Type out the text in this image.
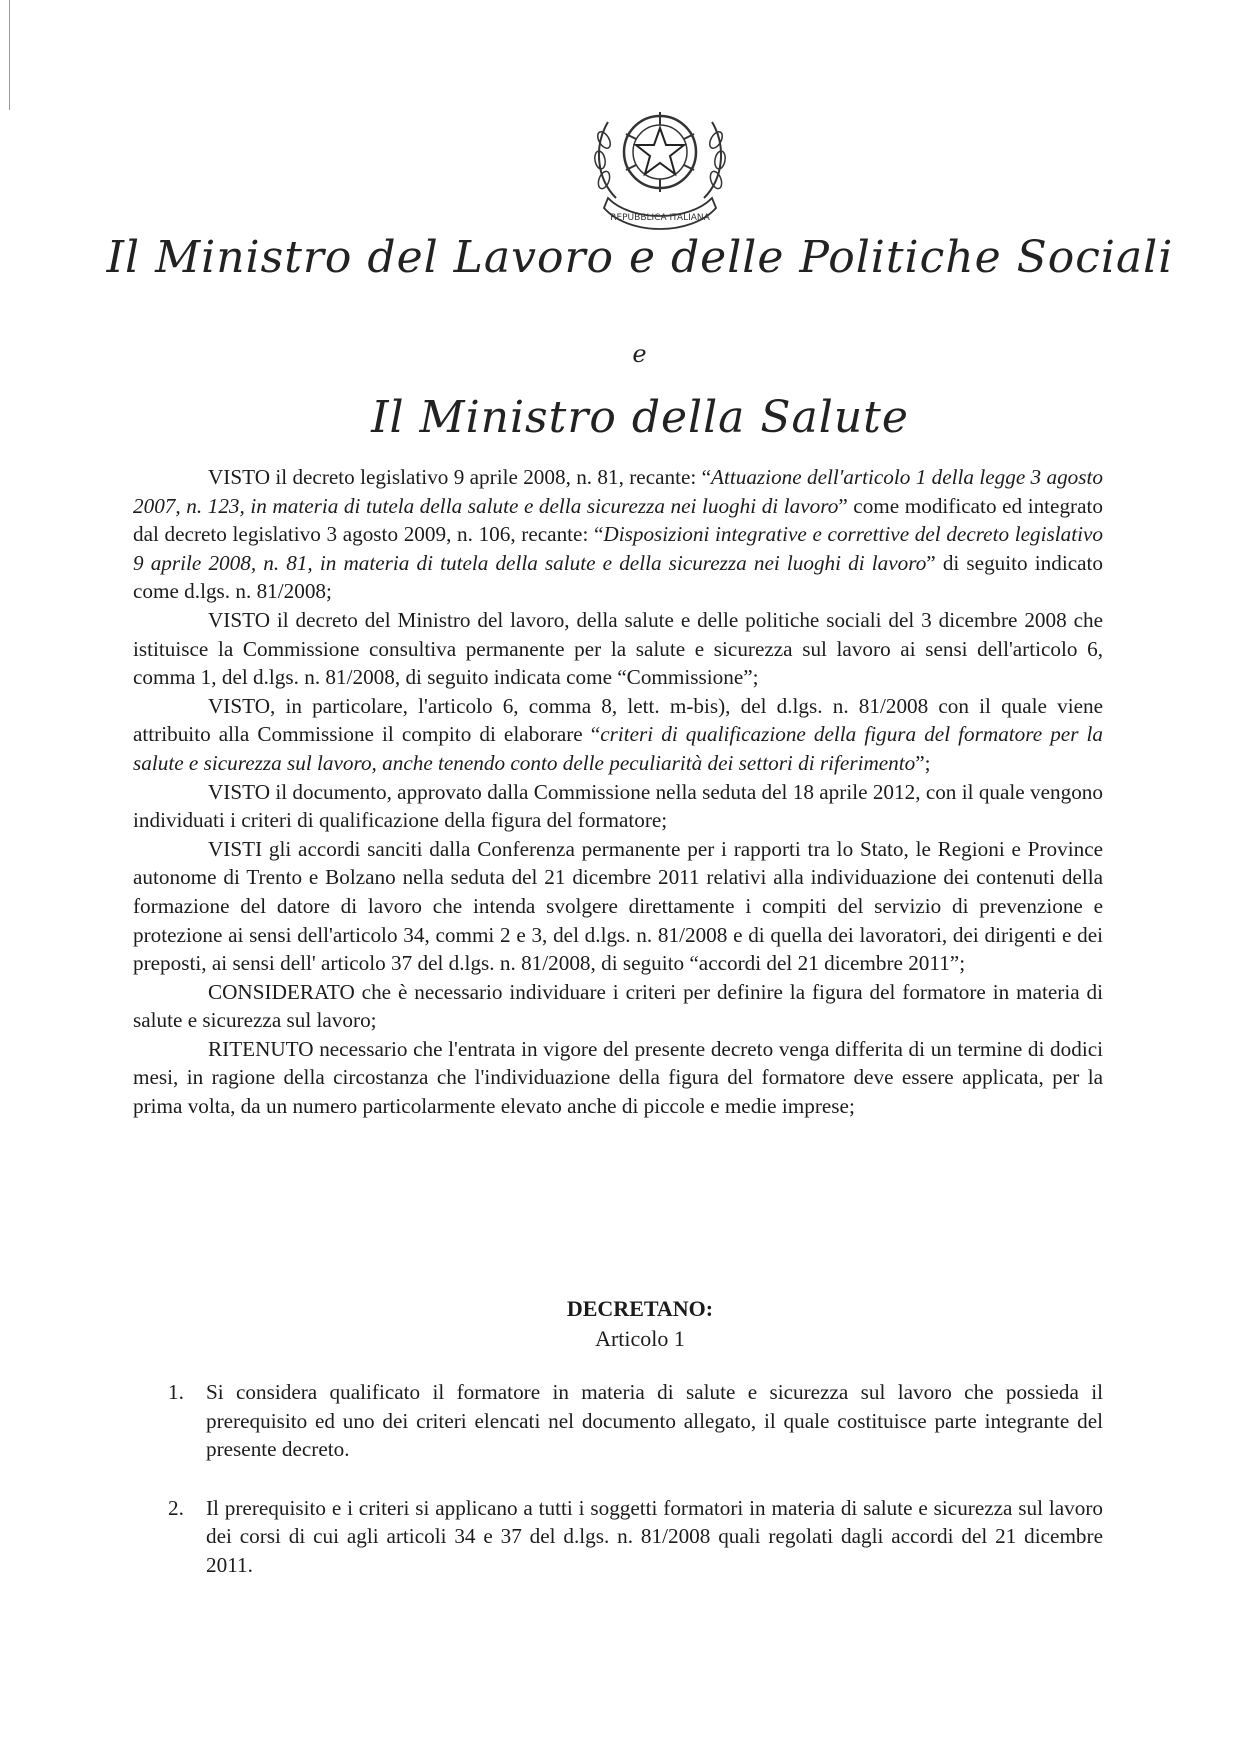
REPUBBLICA ITALIANA
Il Ministro del Lavoro e delle Politiche Sociali
e
Il Ministro della Salute

VISTO il decreto legislativo 9 aprile 2008, n. 81, recante: “Attuazione dell'articolo 1 della legge 3 agosto 2007, n. 123, in materia di tutela della salute e della sicurezza nei luoghi di lavoro” come modificato ed integrato dal decreto legislativo 3 agosto 2009, n. 106, recante: “Disposizioni integrative e correttive del decreto legislativo 9 aprile 2008, n. 81, in materia di tutela della salute e della sicurezza nei luoghi di lavoro” di seguito indicato come d.lgs. n. 81/2008;

VISTO il decreto del Ministro del lavoro, della salute e delle politiche sociali del 3 dicembre 2008 che istituisce la Commissione consultiva permanente per la salute e sicurezza sul lavoro ai sensi dell'articolo 6, comma 1, del d.lgs. n. 81/2008, di seguito indicata come “Commissione”;

VISTO, in particolare, l'articolo 6, comma 8, lett. m-bis), del d.lgs. n. 81/2008 con il quale viene attribuito alla Commissione il compito di elaborare “criteri di qualificazione della figura del formatore per la salute e sicurezza sul lavoro, anche tenendo conto delle peculiarità dei settori di riferimento”;

VISTO il documento, approvato dalla Commissione nella seduta del 18 aprile 2012, con il quale vengono individuati i criteri di qualificazione della figura del formatore;

VISTI gli accordi sanciti dalla Conferenza permanente per i rapporti tra lo Stato, le Regioni e Province autonome di Trento e Bolzano nella seduta del 21 dicembre 2011 relativi alla individuazione dei contenuti della formazione del datore di lavoro che intenda svolgere direttamente i compiti del servizio di prevenzione e protezione ai sensi dell'articolo 34, commi 2 e 3, del d.lgs. n. 81/2008 e di quella dei lavoratori, dei dirigenti e dei preposti, ai sensi dell' articolo 37 del d.lgs. n. 81/2008, di seguito “accordi del 21 dicembre 2011”;

CONSIDERATO che è necessario individuare i criteri per definire la figura del formatore in materia di salute e sicurezza sul lavoro;

RITENUTO necessario che l'entrata in vigore del presente decreto venga differita di un termine di dodici mesi, in ragione della circostanza che l'individuazione della figura del formatore deve essere applicata, per la prima volta, da un numero particolarmente elevato anche di piccole e medie imprese;

DECRETANO:
Articolo 1
1. Si considera qualificato il formatore in materia di salute e sicurezza sul lavoro che possieda il prerequisito ed uno dei criteri elencati nel documento allegato, il quale costituisce parte integrante del presente decreto.
2. Il prerequisito e i criteri si applicano a tutti i soggetti formatori in materia di salute e sicurezza sul lavoro dei corsi di cui agli articoli 34 e 37 del d.lgs. n. 81/2008 quali regolati dagli accordi del 21 dicembre 2011.
